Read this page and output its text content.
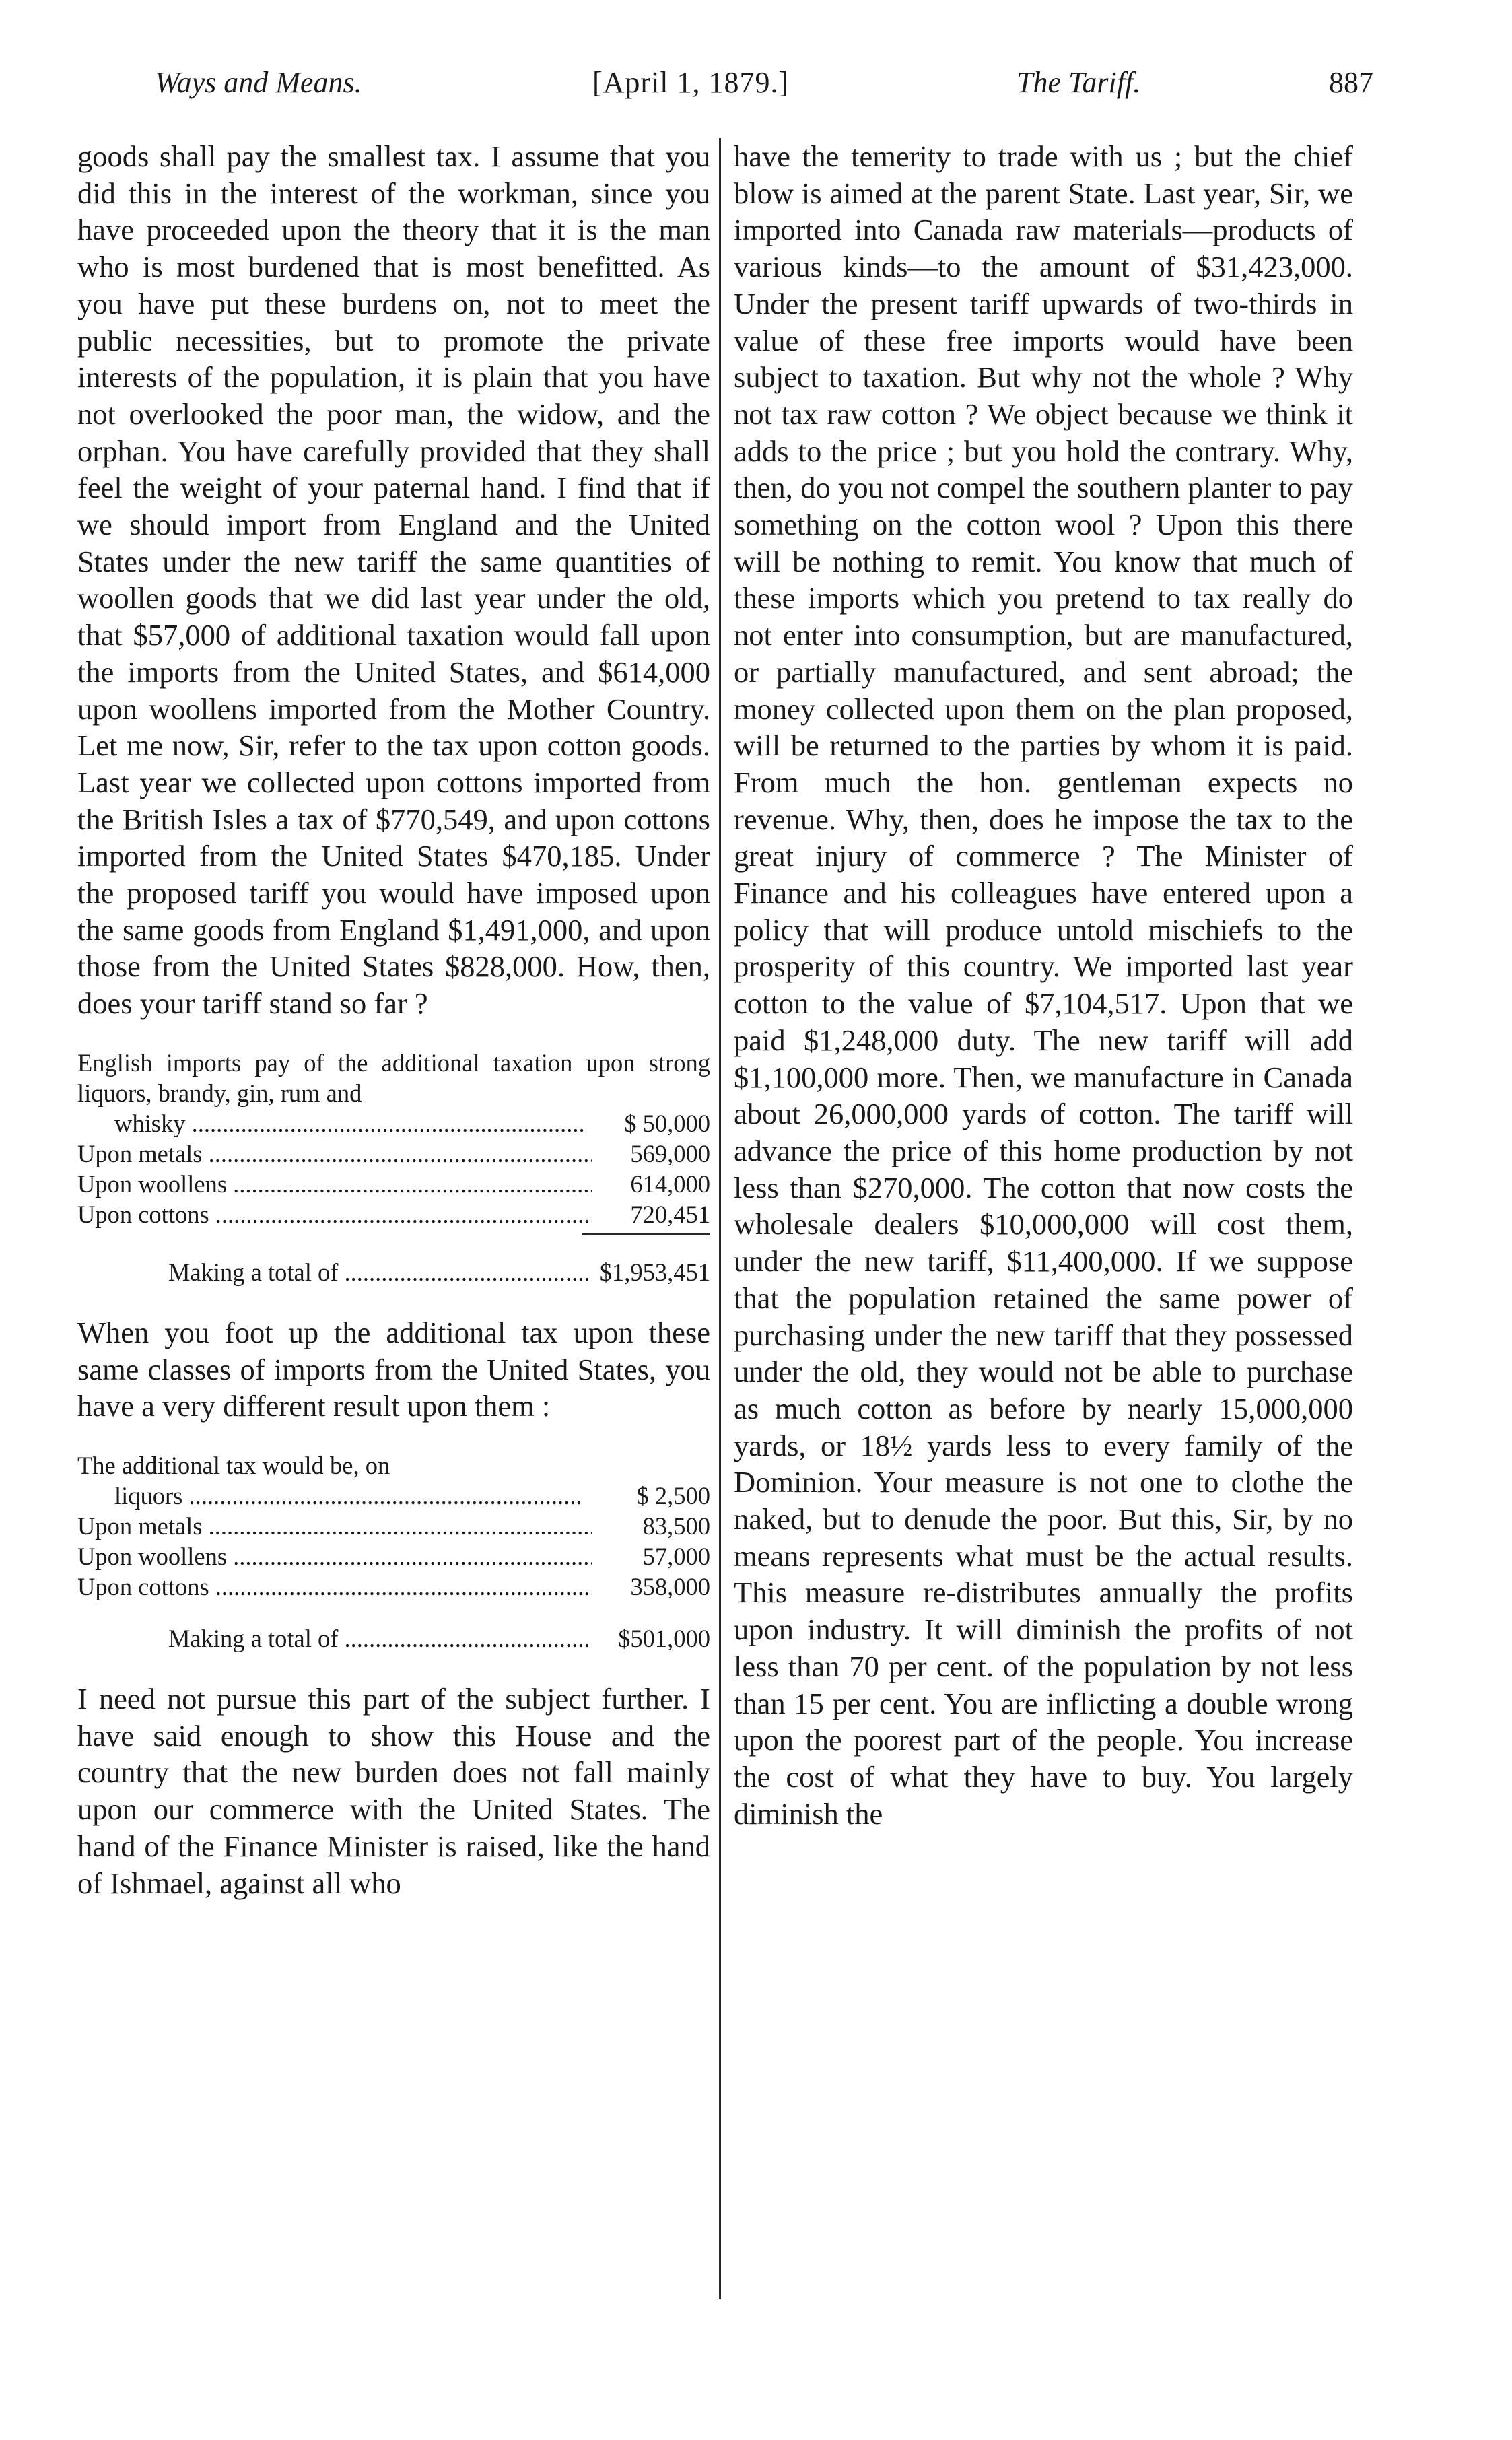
Ways and Means.	[April 1, 1879.]	The Tariff.	887

goods shall pay the smallest tax. I assume that you did this in the interest of the workman, since you have proceeded upon the theory that it is the man who is most burdened that is most benefitted. As you have put these burdens on, not to meet the public necessities, but to promote the private interests of the population, it is plain that you have not overlooked the poor man, the widow, and the orphan. You have carefully provided that they shall feel the weight of your paternal hand. I find that if we should import from England and the United States under the new tariff the same quantities of woollen goods that we did last year under the old, that $57,000 of additional taxation would fall upon the imports from the United States, and $614,000 upon woollens imported from the Mother Country. Let me now, Sir, refer to the tax upon cotton goods. Last year we collected upon cottons imported from the British Isles a tax of $770,549, and upon cottons imported from the United States $470,185. Under the proposed tariff you would have imposed upon the same goods from England $1,491,000, and upon those from the United States $828,000. How, then, does your tariff stand so far ?

English imports pay of the additional taxation upon strong liquors, brandy, gin, rum and

whisky .....	$ 50,000
Upon metals .....	569,000
Upon woollens .....	614,000
Upon cottons .....	720,451
Making a total of .....	$1,953,451

When you foot up the additional tax upon these same classes of imports from the United States, you have a very different result upon them :

The additional tax would be, on

liquors .....	$ 2,500
Upon metals .....	83,500
Upon woollens .....	57,000
Upon cottons .....	358,000
Making a total of .....	$501,000

I need not pursue this part of the subject further. I have said enough to show this House and the country that the new burden does not fall mainly upon our commerce with the United States. The hand of the Finance Minister is raised, like the hand of Ishmael, against all who

have the temerity to trade with us ; but the chief blow is aimed at the parent State. Last year, Sir, we imported into Canada raw materials—products of various kinds—to the amount of $31,423,000. Under the present tariff upwards of two-thirds in value of these free imports would have been subject to taxation. But why not the whole ? Why not tax raw cotton ? We object because we think it adds to the price ; but you hold the contrary. Why, then, do you not compel the southern planter to pay something on the cotton wool ? Upon this there will be nothing to remit. You know that much of these imports which you pretend to tax really do not enter into consumption, but are manufactured, or partially manufactured, and sent abroad; the money collected upon them on the plan proposed, will be returned to the parties by whom it is paid. From much the hon. gentleman expects no revenue. Why, then, does he impose the tax to the great injury of commerce ? The Minister of Finance and his colleagues have entered upon a policy that will produce untold mischiefs to the prosperity of this country. We imported last year cotton to the value of $7,104,517. Upon that we paid $1,248,000 duty. The new tariff will add $1,100,000 more. Then, we manufacture in Canada about 26,000,000 yards of cotton. The tariff will advance the price of this home production by not less than $270,000. The cotton that now costs the wholesale dealers $10,000,000 will cost them, under the new tariff, $11,400,000. If we suppose that the population retained the same power of purchasing under the new tariff that they possessed under the old, they would not be able to purchase as much cotton as before by nearly 15,000,000 yards, or 18½ yards less to every family of the Dominion. Your measure is not one to clothe the naked, but to denude the poor. But this, Sir, by no means represents what must be the actual results. This measure re-distributes annually the profits upon industry. It will diminish the profits of not less than 70 per cent. of the population by not less than 15 per cent. You are inflicting a double wrong upon the poorest part of the people. You increase the cost of what they have to buy. You largely diminish the
